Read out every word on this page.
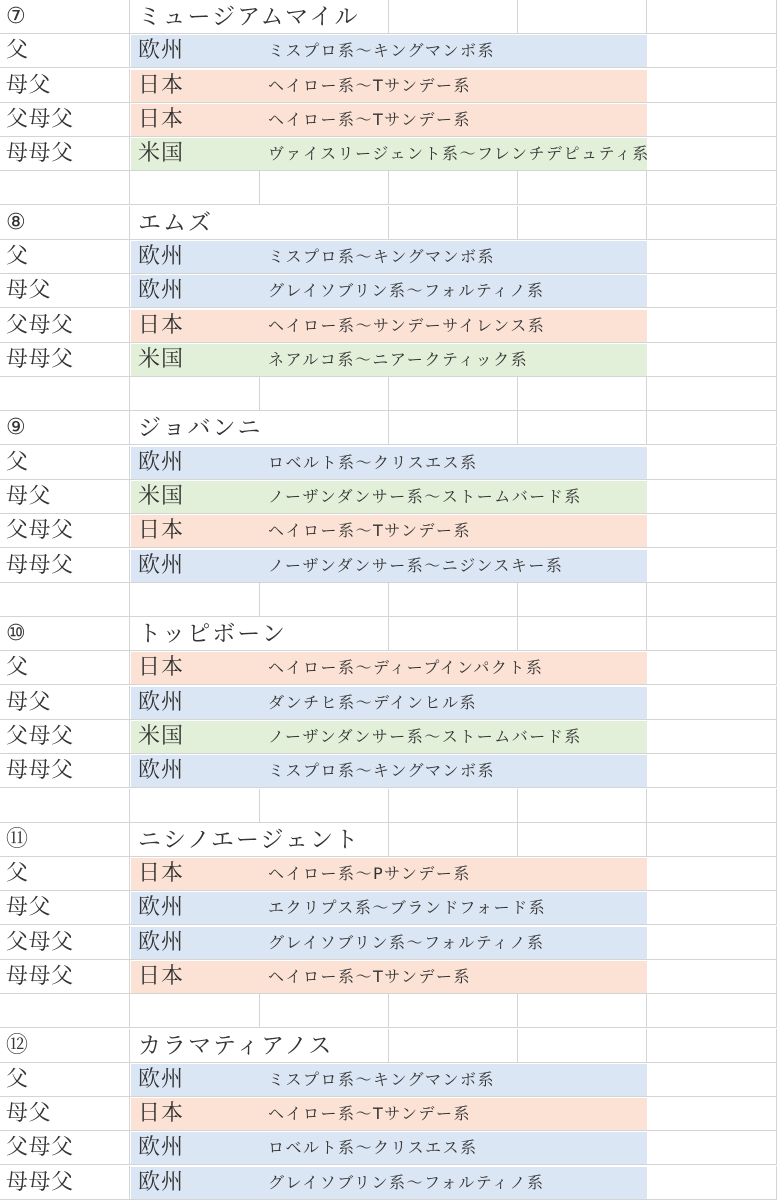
⑦	ミュージアムマイル
父	欧州	ミスプロ系～キングマンボ系
母父	日本	ヘイロー系～Tサンデー系
父母父	日本	ヘイロー系～Tサンデー系
母母父	米国	ヴァイスリージェント系～フレンチデピュティ系
⑧	エムズ
父	欧州	ミスプロ系～キングマンボ系
母父	欧州	グレイソブリン系～フォルティノ系
父母父	日本	ヘイロー系～サンデーサイレンス系
母母父	米国	ネアルコ系～ニアークティック系
⑨	ジョバンニ
父	欧州	ロベルト系～クリスエス系
母父	米国	ノーザンダンサー系～ストームバード系
父母父	日本	ヘイロー系～Tサンデー系
母母父	欧州	ノーザンダンサー系～ニジンスキー系
⑩	トッピボーン
父	日本	ヘイロー系～ディープインパクト系
母父	欧州	ダンチヒ系～デインヒル系
父母父	米国	ノーザンダンサー系～ストームバード系
母母父	欧州	ミスプロ系～キングマンボ系
⑪	ニシノエージェント
父	日本	ヘイロー系～Pサンデー系
母父	欧州	エクリプス系～ブランドフォード系
父母父	欧州	グレイソブリン系～フォルティノ系
母母父	日本	ヘイロー系～Tサンデー系
⑫	カラマティアノス
父	欧州	ミスプロ系～キングマンボ系
母父	日本	ヘイロー系～Tサンデー系
父母父	欧州	ロベルト系～クリスエス系
母母父	欧州	グレイソブリン系～フォルティノ系
